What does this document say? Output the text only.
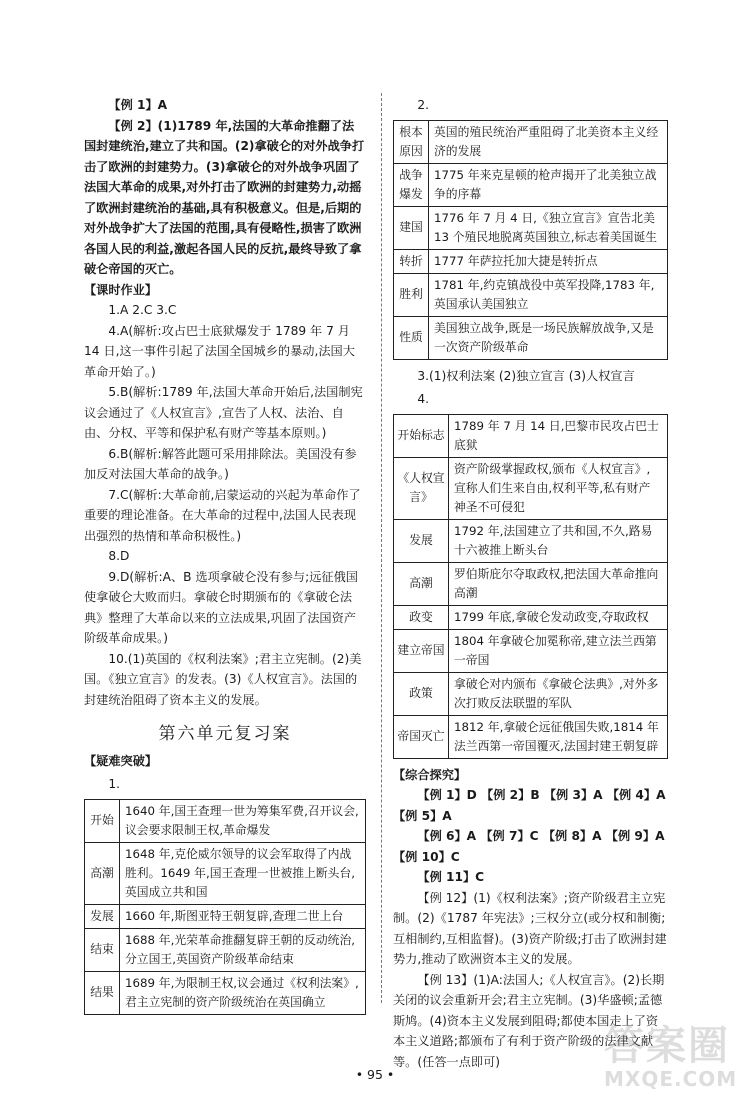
【例 1】A

【例 2】(1)1789 年,法国的大革命推翻了法国封建统治,建立了共和国。(2)拿破仑的对外战争打击了欧洲的封建势力。(3)拿破仑的对外战争巩固了法国大革命的成果,对外打击了欧洲的封建势力,动摇了欧洲封建统治的基础,具有积极意义。但是,后期的对外战争扩大了法国的范围,具有侵略性,损害了欧洲各国人民的利益,激起各国人民的反抗,最终导致了拿破仑帝国的灭亡。

【课时作业】

1.A 2.C 3.C

4.A(解析:攻占巴士底狱爆发于 1789 年 7 月 14 日,这一事件引起了法国全国城乡的暴动,法国大革命开始了。)

5.B(解析:1789 年,法国大革命开始后,法国制宪议会通过了《人权宣言》,宣告了人权、法治、自由、分权、平等和保护私有财产等基本原则。)

6.B(解析:解答此题可采用排除法。美国没有参加反对法国大革命的战争。)

7.C(解析:大革命前,启蒙运动的兴起为革命作了重要的理论准备。在大革命的过程中,法国人民表现出强烈的热情和革命积极性。)

8.D

9.D(解析:A、B 选项拿破仑没有参与;远征俄国使拿破仑大败而归。拿破仑时期颁布的《拿破仑法典》整理了大革命以来的立法成果,巩固了法国资产阶级革命成果。)

10.(1)英国的《权利法案》;君主立宪制。(2)美国。《独立宣言》的发表。(3)《人权宣言》。法国的封建统治阻碍了资本主义的发展。

第六单元复习案

【疑难突破】

1.

开始	1640 年,国王查理一世为筹集军费,召开议会,议会要求限制王权,革命爆发
高潮	1648 年,克伦威尔领导的议会军取得了内战胜利。1649 年,国王查理一世被推上断头台,英国成立共和国
发展	1660 年,斯图亚特王朝复辟,查理二世上台
结束	1688 年,光荣革命推翻复辟王朝的反动统治,分立国王,英国资产阶级革命结束
结果	1689 年,为限制王权,议会通过《权利法案》,君主立宪制的资产阶级统治在英国确立

2.

根本原因	英国的殖民统治严重阻碍了北美资本主义经济的发展
战争爆发	1775 年来克星顿的枪声揭开了北美独立战争的序幕
建国	1776 年 7 月 4 日,《独立宣言》宣告北美 13 个殖民地脱离英国独立,标志着美国诞生
转折	1777 年萨拉托加大捷是转折点
胜利	1781 年,约克镇战役中英军投降,1783 年,英国承认美国独立
性质	美国独立战争,既是一场民族解放战争,又是一次资产阶级革命

3.(1)权利法案 (2)独立宣言 (3)人权宣言

4.

开始标志	1789 年 7 月 14 日,巴黎市民攻占巴士底狱
《人权宣言》	资产阶级掌握政权,颁布《人权宣言》,宣称人们生来自由,权利平等,私有财产神圣不可侵犯
发展	1792 年,法国建立了共和国,不久,路易十六被推上断头台
高潮	罗伯斯庇尔夺取政权,把法国大革命推向高潮
政变	1799 年底,拿破仑发动政变,夺取政权
建立帝国	1804 年拿破仑加冕称帝,建立法兰西第一帝国
政策	拿破仑对内颁布《拿破仑法典》,对外多次打败反法联盟的军队
帝国灭亡	1812 年,拿破仑远征俄国失败,1814 年法兰西第一帝国覆灭,法国封建王朝复辟

【综合探究】

【例 1】D 【例 2】B 【例 3】A 【例 4】A 【例 5】A

【例 6】A 【例 7】C 【例 8】A 【例 9】A 【例 10】C

【例 11】C

【例 12】(1)《权利法案》;资产阶级君主立宪制。(2)《1787 年宪法》;三权分立(或分权和制衡;互相制约,互相监督)。(3)资产阶级;打击了欧洲封建势力,推动了欧洲资本主义的发展。

【例 13】(1)A:法国人;《人权宣言》。(2)长期关闭的议会重新开会;君主立宪制。(3)华盛顿;孟德斯鸠。(4)资本主义发展到阻碍;都使本国走上了资本主义道路;都颁布了有利于资产阶级的法律文献等。(任答一点即可)

• 95 •
答案圈
MXQE.COM
